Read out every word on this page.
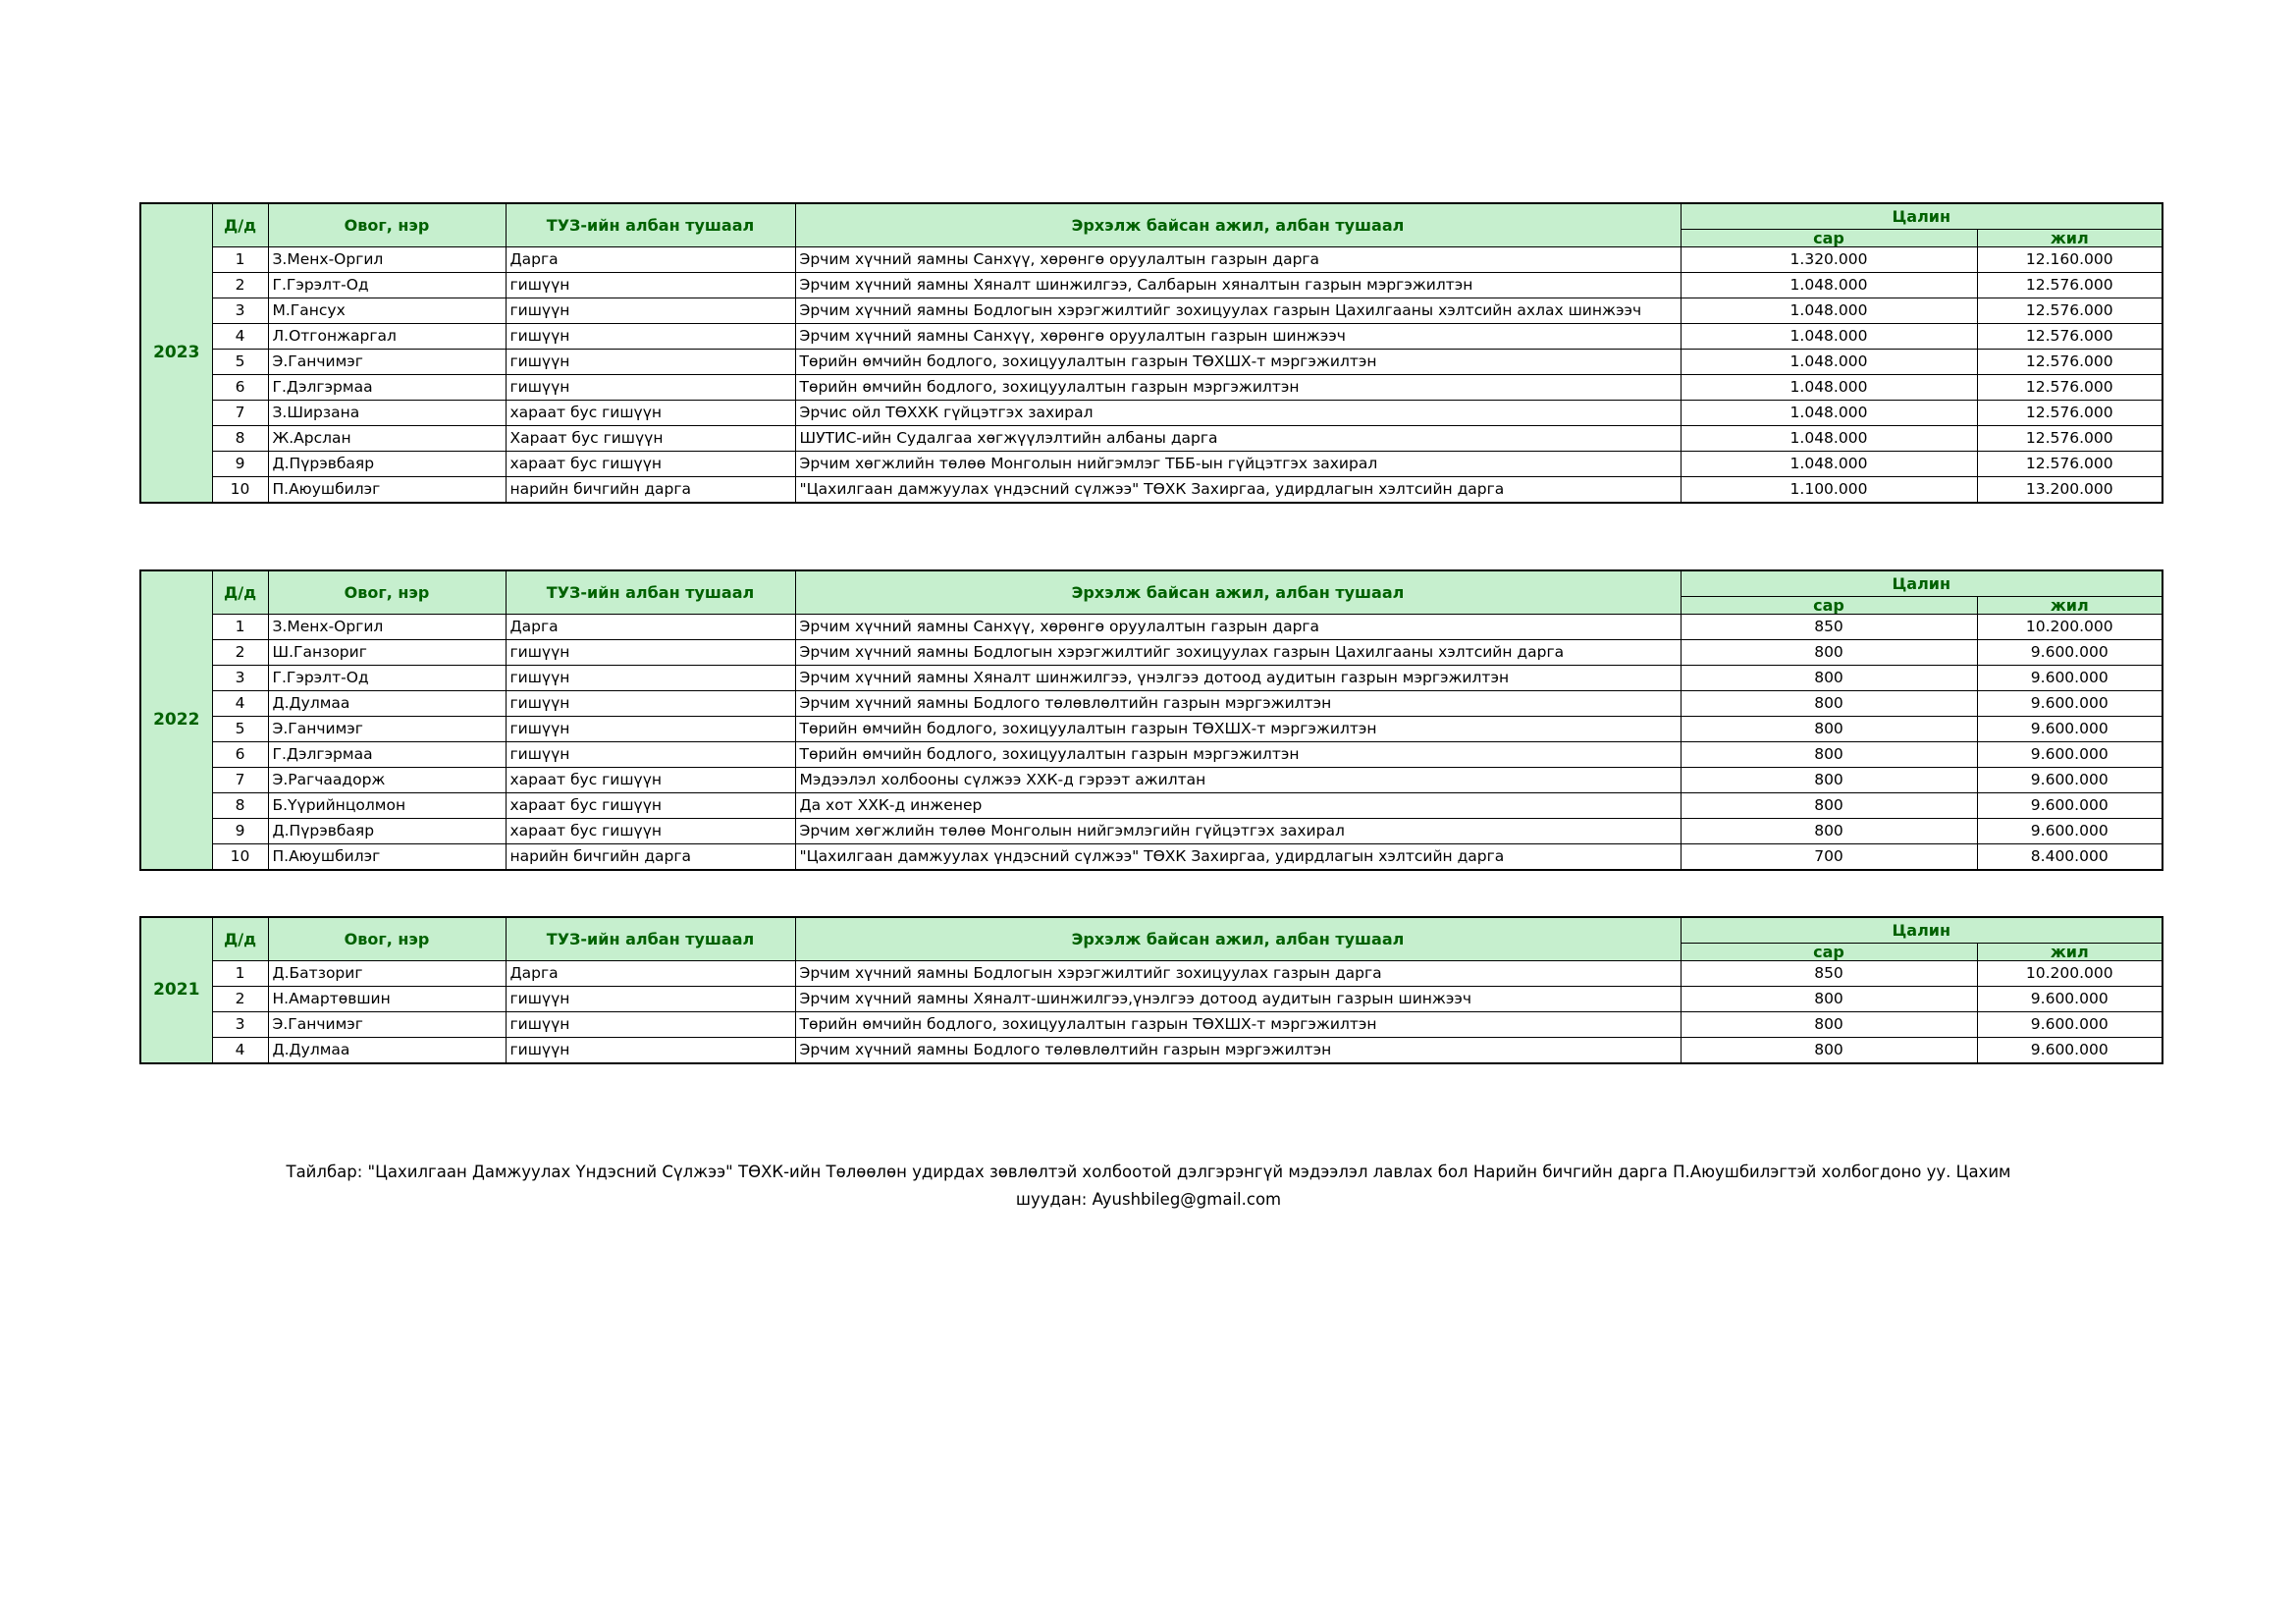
2023	Д/д	Овог, нэр	ТУЗ-ийн албан тушаал	Эрхэлж байсан ажил, албан тушаал	Цалин	
					сар	жил
	1	З.Менх-Оргил	Дарга	Эрчим хүчний яамны Санхүү, хөрөнгө оруулалтын газрын дарга	1.320.000	12.160.000
	2	Г.Гэрэлт-Од	гишүүн	Эрчим хүчний яамны Хяналт шинжилгээ, Салбарын хяналтын газрын мэргэжилтэн	1.048.000	12.576.000
	3	М.Гансух	гишүүн	Эрчим хүчний яамны Бодлогын хэрэгжилтийг зохицуулах газрын Цахилгааны хэлтсийн ахлах шинжээч	1.048.000	12.576.000
	4	Л.Отгонжаргал	гишүүн	Эрчим хүчний яамны Санхүү, хөрөнгө оруулалтын газрын шинжээч	1.048.000	12.576.000
	5	Э.Ганчимэг	гишүүн	Төрийн өмчийн бодлого, зохицуулалтын газрын ТӨХШХ-т мэргэжилтэн	1.048.000	12.576.000
	6	Г.Дэлгэрмаа	гишүүн	Төрийн өмчийн бодлого, зохицуулалтын газрын мэргэжилтэн	1.048.000	12.576.000
	7	З.Ширзана	хараат бус гишүүн	Эрчис ойл ТӨХХК гүйцэтгэх захирал	1.048.000	12.576.000
	8	Ж.Арслан	Хараат бус гишүүн	ШУТИС-ийн Судалгаа хөгжүүлэлтийн албаны дарга	1.048.000	12.576.000
	9	Д.Пүрэвбаяр	хараат бус гишүүн	Эрчим хөгжлийн төлөө Монголын нийгэмлэг ТББ-ын гүйцэтгэх захирал	1.048.000	12.576.000
	10	П.Аюушбилэг	нарийн бичгийн дарга	"Цахилгаан дамжуулах үндэсний сүлжээ" ТӨХК Захиргаа, удирдлагын хэлтсийн дарга	1.100.000	13.200.000
2022	Д/д	Овог, нэр	ТУЗ-ийн албан тушаал	Эрхэлж байсан ажил, албан тушаал	Цалин	
					сар	жил
	1	З.Менх-Оргил	Дарга	Эрчим хүчний яамны Санхүү, хөрөнгө оруулалтын газрын дарга	850	10.200.000
	2	Ш.Ганзориг	гишүүн	Эрчим хүчний яамны Бодлогын хэрэгжилтийг зохицуулах газрын Цахилгааны хэлтсийн дарга	800	9.600.000
	3	Г.Гэрэлт-Од	гишүүн	Эрчим хүчний яамны Хяналт шинжилгээ, үнэлгээ дотоод аудитын газрын мэргэжилтэн	800	9.600.000
	4	Д.Дулмаа	гишүүн	Эрчим хүчний яамны Бодлого төлөвлөлтийн газрын мэргэжилтэн	800	9.600.000
	5	Э.Ганчимэг	гишүүн	Төрийн өмчийн бодлого, зохицуулалтын газрын ТӨХШХ-т мэргэжилтэн	800	9.600.000
	6	Г.Дэлгэрмаа	гишүүн	Төрийн өмчийн бодлого, зохицуулалтын газрын мэргэжилтэн	800	9.600.000
	7	Э.Рагчаадорж	хараат бус гишүүн	Мэдээлэл холбооны сүлжээ ХХК-д гэрээт ажилтан	800	9.600.000
	8	Б.Үүрийнцолмон	хараат бус гишүүн	Да хот ХХК-д инженер	800	9.600.000
	9	Д.Пүрэвбаяр	хараат бус гишүүн	Эрчим хөгжлийн төлөө Монголын нийгэмлэгийн гүйцэтгэх захирал	800	9.600.000
	10	П.Аюушбилэг	нарийн бичгийн дарга	"Цахилгаан дамжуулах үндэсний сүлжээ" ТӨХК Захиргаа, удирдлагын хэлтсийн дарга	700	8.400.000
2021	Д/д	Овог, нэр	ТУЗ-ийн албан тушаал	Эрхэлж байсан ажил, албан тушаал	Цалин	
					сар	жил
	1	Д.Батзориг	Дарга	Эрчим хүчний яамны Бодлогын хэрэгжилтийг зохицуулах газрын дарга	850	10.200.000
	2	Н.Амартөвшин	гишүүн	Эрчим хүчний яамны Хяналт-шинжилгээ,үнэлгээ дотоод аудитын газрын шинжээч	800	9.600.000
	3	Э.Ганчимэг	гишүүн	Төрийн өмчийн бодлого, зохицуулалтын газрын ТӨХШХ-т мэргэжилтэн	800	9.600.000
	4	Д.Дулмаа	гишүүн	Эрчим хүчний яамны Бодлого төлөвлөлтийн газрын мэргэжилтэн	800	9.600.000
Тайлбар: "Цахилгаан Дамжуулах Үндэсний Сүлжээ" ТӨХК-ийн Төлөөлөн удирдах зөвлөлтэй холбоотой дэлгэрэнгүй мэдээлэл лавлах бол Нарийн бичгийн дарга П.Аюушбилэгтэй холбогдоно уу. Цахим
шуудан: Ayushbileg@gmail.com
